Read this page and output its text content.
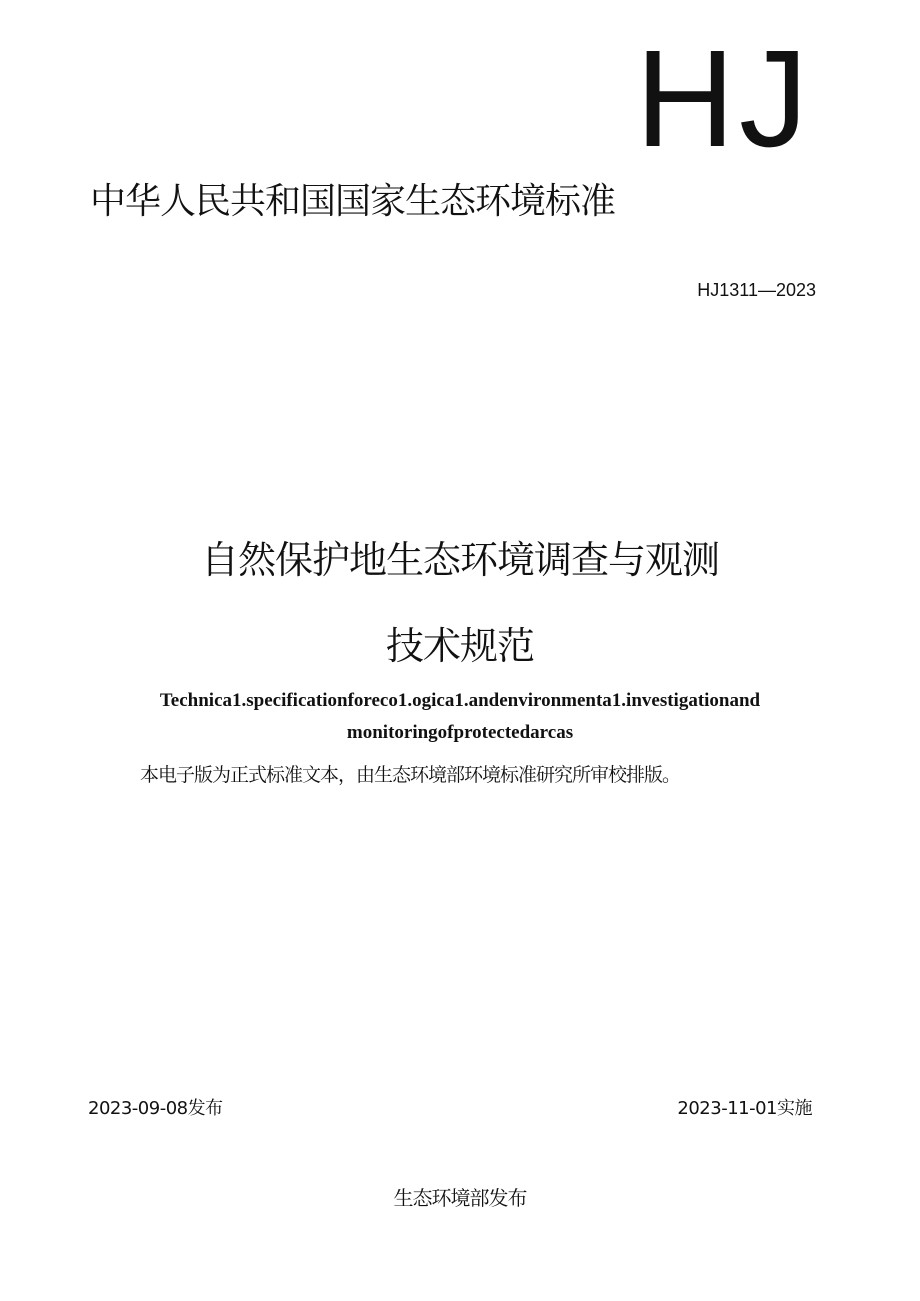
HJ
中华人民共和国国家生态环境标准
HJ1311—2023
自然保护地生态环境调查与观测
技术规范
Technica1.specificationforeco1.ogica1.andenvironmenta1.investigationand
monitoringofprotectedarcas
本电子版为正式标准文本，由生态环境部环境标准研究所审校排版。
2023-09-08发布	2023-11-01实施
生态环境部发布
